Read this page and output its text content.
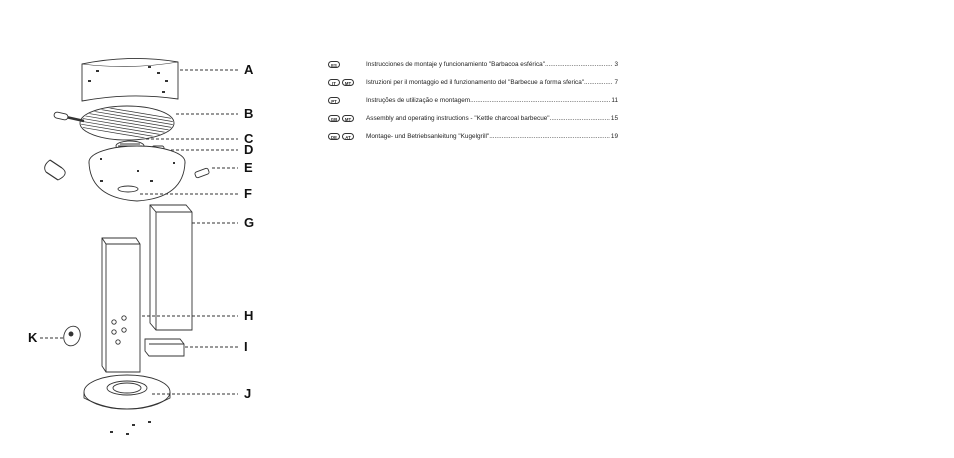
A
B
C
D
E
F
G
H
I
J
K
ES	Instrucciones de montaje y funcionamiento "Barbacoa esférica" .....	3
IT	MT	Istruzioni per il montaggio ed il funzionamento del "Barbecue a forma sferica" .....	7
PT	Instruções de utilização e montagem .....	11
GB	MT	Assembly and operating instructions - "Kettle charcoal barbecue" .....	15
DE	AT	Montage- und Betriebsanleitung "Kugelgrill" .....	19
